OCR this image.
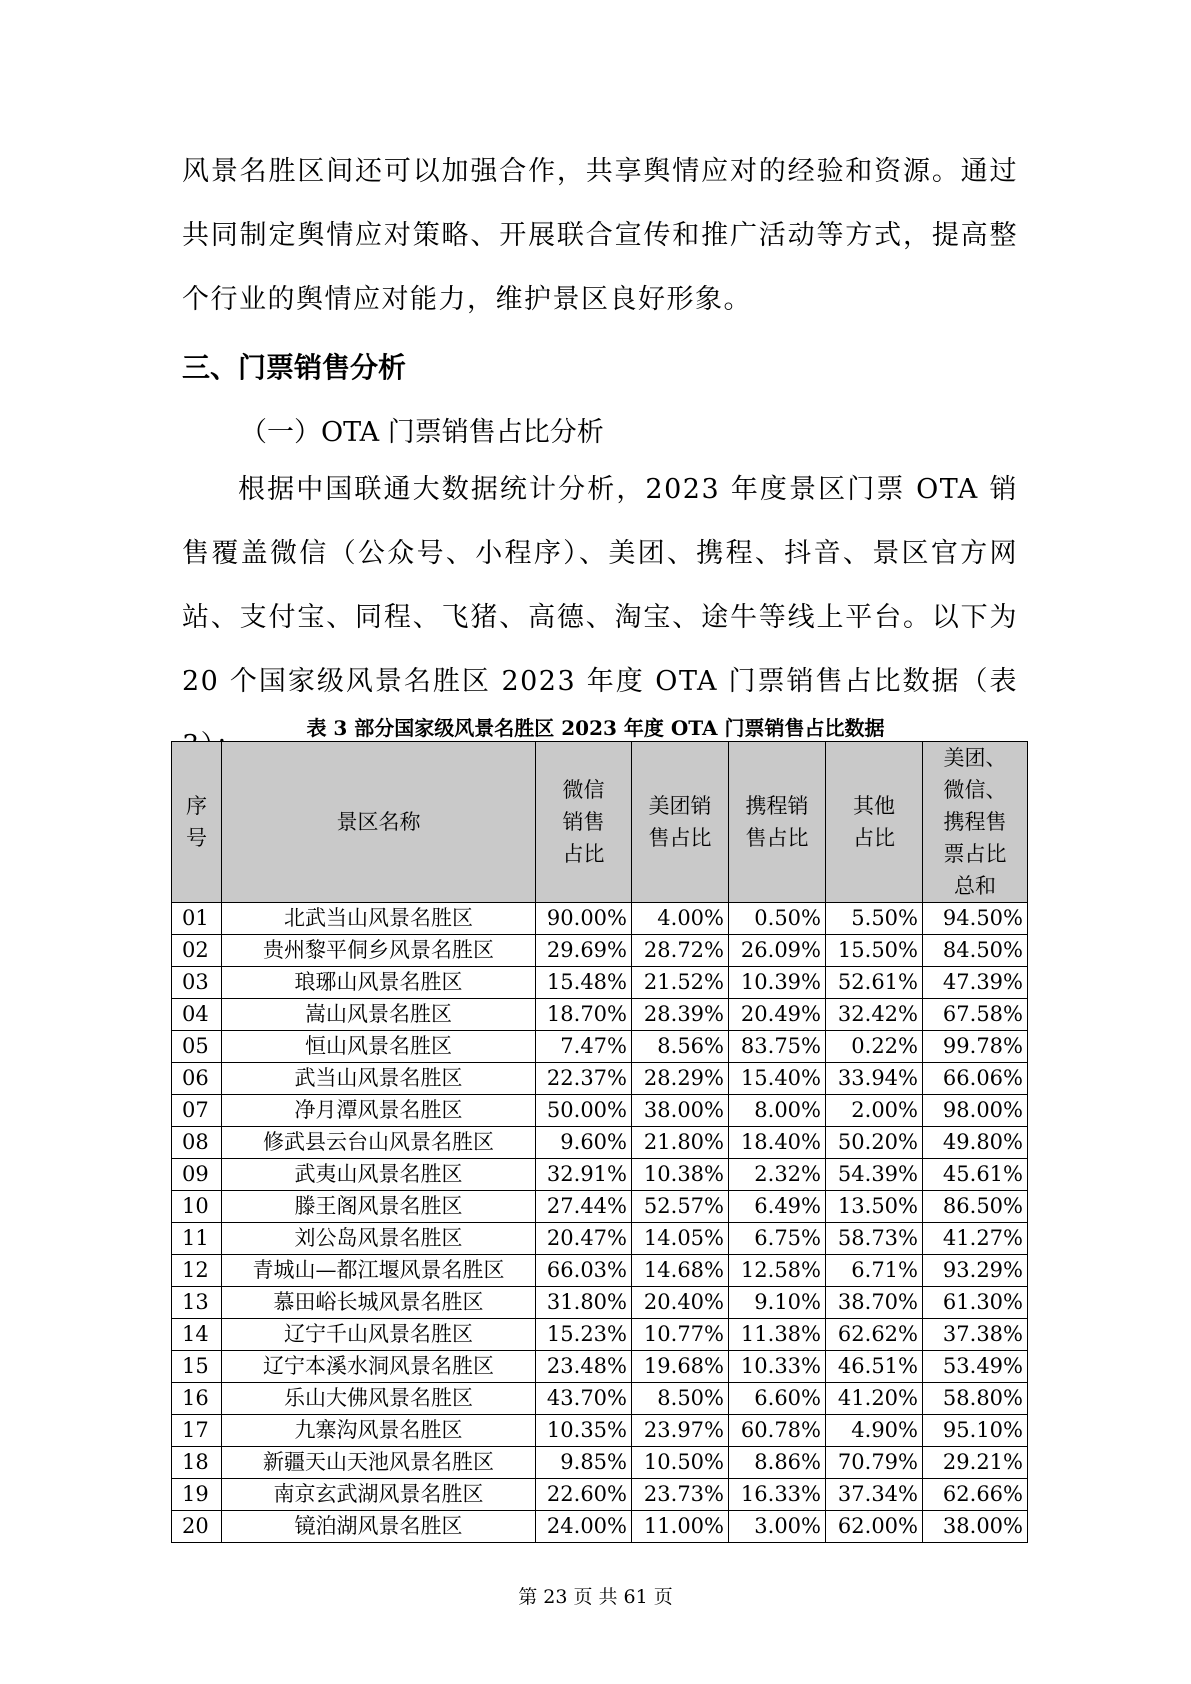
风景名胜区间还可以加强合作，共享舆情应对的经验和资源。通过共同制定舆情应对策略、开展联合宣传和推广活动等方式，提高整个行业的舆情应对能力，维护景区良好形象。
三、门票销售分析
（一）OTA 门票销售占比分析
根据中国联通大数据统计分析，2023 年度景区门票 OTA 销售覆盖微信（公众号、小程序）、美团、携程、抖音、景区官方网站、支付宝、同程、飞猪、高德、淘宝、途牛等线上平台。以下为 20 个国家级风景名胜区 2023 年度 OTA 门票销售占比数据（表
表 3 部分国家级风景名胜区 2023 年度 OTA 门票销售占比数据
序号	景区名称	微信销售占比	美团销售占比	携程销售占比	其他占比	美团、微信、携程售票占比总和
01	北武当山风景名胜区	90.00%	4.00%	0.50%	5.50%	94.50%
02	贵州黎平侗乡风景名胜区	29.69%	28.72%	26.09%	15.50%	84.50%
03	琅琊山风景名胜区	15.48%	21.52%	10.39%	52.61%	47.39%
04	嵩山风景名胜区	18.70%	28.39%	20.49%	32.42%	67.58%
05	恒山风景名胜区	7.47%	8.56%	83.75%	0.22%	99.78%
06	武当山风景名胜区	22.37%	28.29%	15.40%	33.94%	66.06%
07	净月潭风景名胜区	50.00%	38.00%	8.00%	2.00%	98.00%
08	修武县云台山风景名胜区	9.60%	21.80%	18.40%	50.20%	49.80%
09	武夷山风景名胜区	32.91%	10.38%	2.32%	54.39%	45.61%
10	滕王阁风景名胜区	27.44%	52.57%	6.49%	13.50%	86.50%
11	刘公岛风景名胜区	20.47%	14.05%	6.75%	58.73%	41.27%
12	青城山—都江堰风景名胜区	66.03%	14.68%	12.58%	6.71%	93.29%
13	慕田峪长城风景名胜区	31.80%	20.40%	9.10%	38.70%	61.30%
14	辽宁千山风景名胜区	15.23%	10.77%	11.38%	62.62%	37.38%
15	辽宁本溪水洞风景名胜区	23.48%	19.68%	10.33%	46.51%	53.49%
16	乐山大佛风景名胜区	43.70%	8.50%	6.60%	41.20%	58.80%
17	九寨沟风景名胜区	10.35%	23.97%	60.78%	4.90%	95.10%
18	新疆天山天池风景名胜区	9.85%	10.50%	8.86%	70.79%	29.21%
19	南京玄武湖风景名胜区	22.60%	23.73%	16.33%	37.34%	62.66%
20	镜泊湖风景名胜区	24.00%	11.00%	3.00%	62.00%	38.00%
第 23 页 共 61 页
